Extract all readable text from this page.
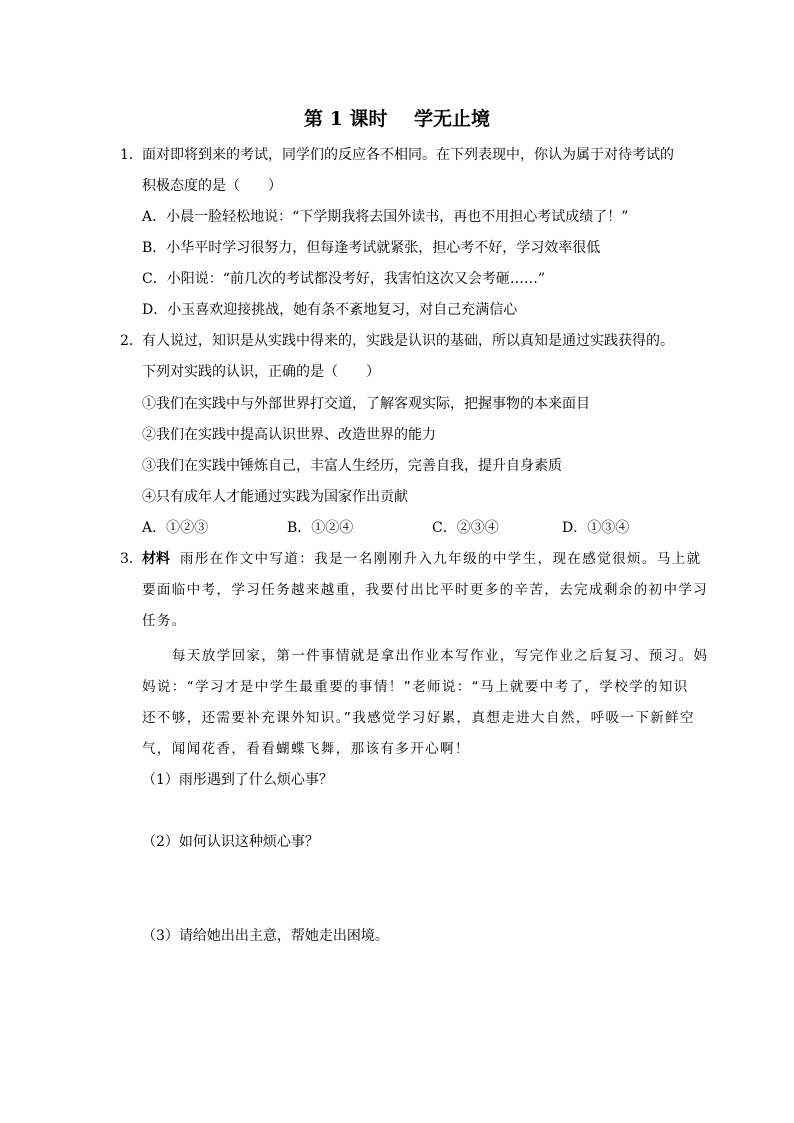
第 1 课时    学无止境
1．面对即将到来的考试，同学们的反应各不相同。在下列表现中，你认为属于对待考试的
积极态度的是（　　）
A．小晨一脸轻松地说：“下学期我将去国外读书，再也不用担心考试成绩了！”
B．小华平时学习很努力，但每逢考试就紧张，担心考不好，学习效率很低
C．小阳说：“前几次的考试都没考好，我害怕这次又会考砸……”
D．小玉喜欢迎接挑战，她有条不紊地复习，对自己充满信心
2．有人说过，知识是从实践中得来的，实践是认识的基础，所以真知是通过实践获得的。
下列对实践的认识，正确的是（　　）
①我们在实践中与外部世界打交道，了解客观实际，把握事物的本来面目
②我们在实践中提高认识世界、改造世界的能力
③我们在实践中锤炼自己，丰富人生经历，完善自我，提升自身素质
④只有成年人才能通过实践为国家作出贡献
A．①②③	B．①②④	C．②③④	D．①③④
3．材料 雨彤在作文中写道：我是一名刚刚升入九年级的中学生，现在感觉很烦。马上就
要面临中考，学习任务越来越重，我要付出比平时更多的辛苦，去完成剩余的初中学习
任务。
每天放学回家，第一件事情就是拿出作业本写作业，写完作业之后复习、预习。妈
妈说：“学习才是中学生最重要的事情！”老师说：“马上就要中考了，学校学的知识
还不够，还需要补充课外知识。”我感觉学习好累，真想走进大自然，呼吸一下新鲜空
气，闻闻花香，看看蝴蝶飞舞，那该有多开心啊！
（1）雨彤遇到了什么烦心事？
（2）如何认识这种烦心事？
（3）请给她出出主意，帮她走出困境。
